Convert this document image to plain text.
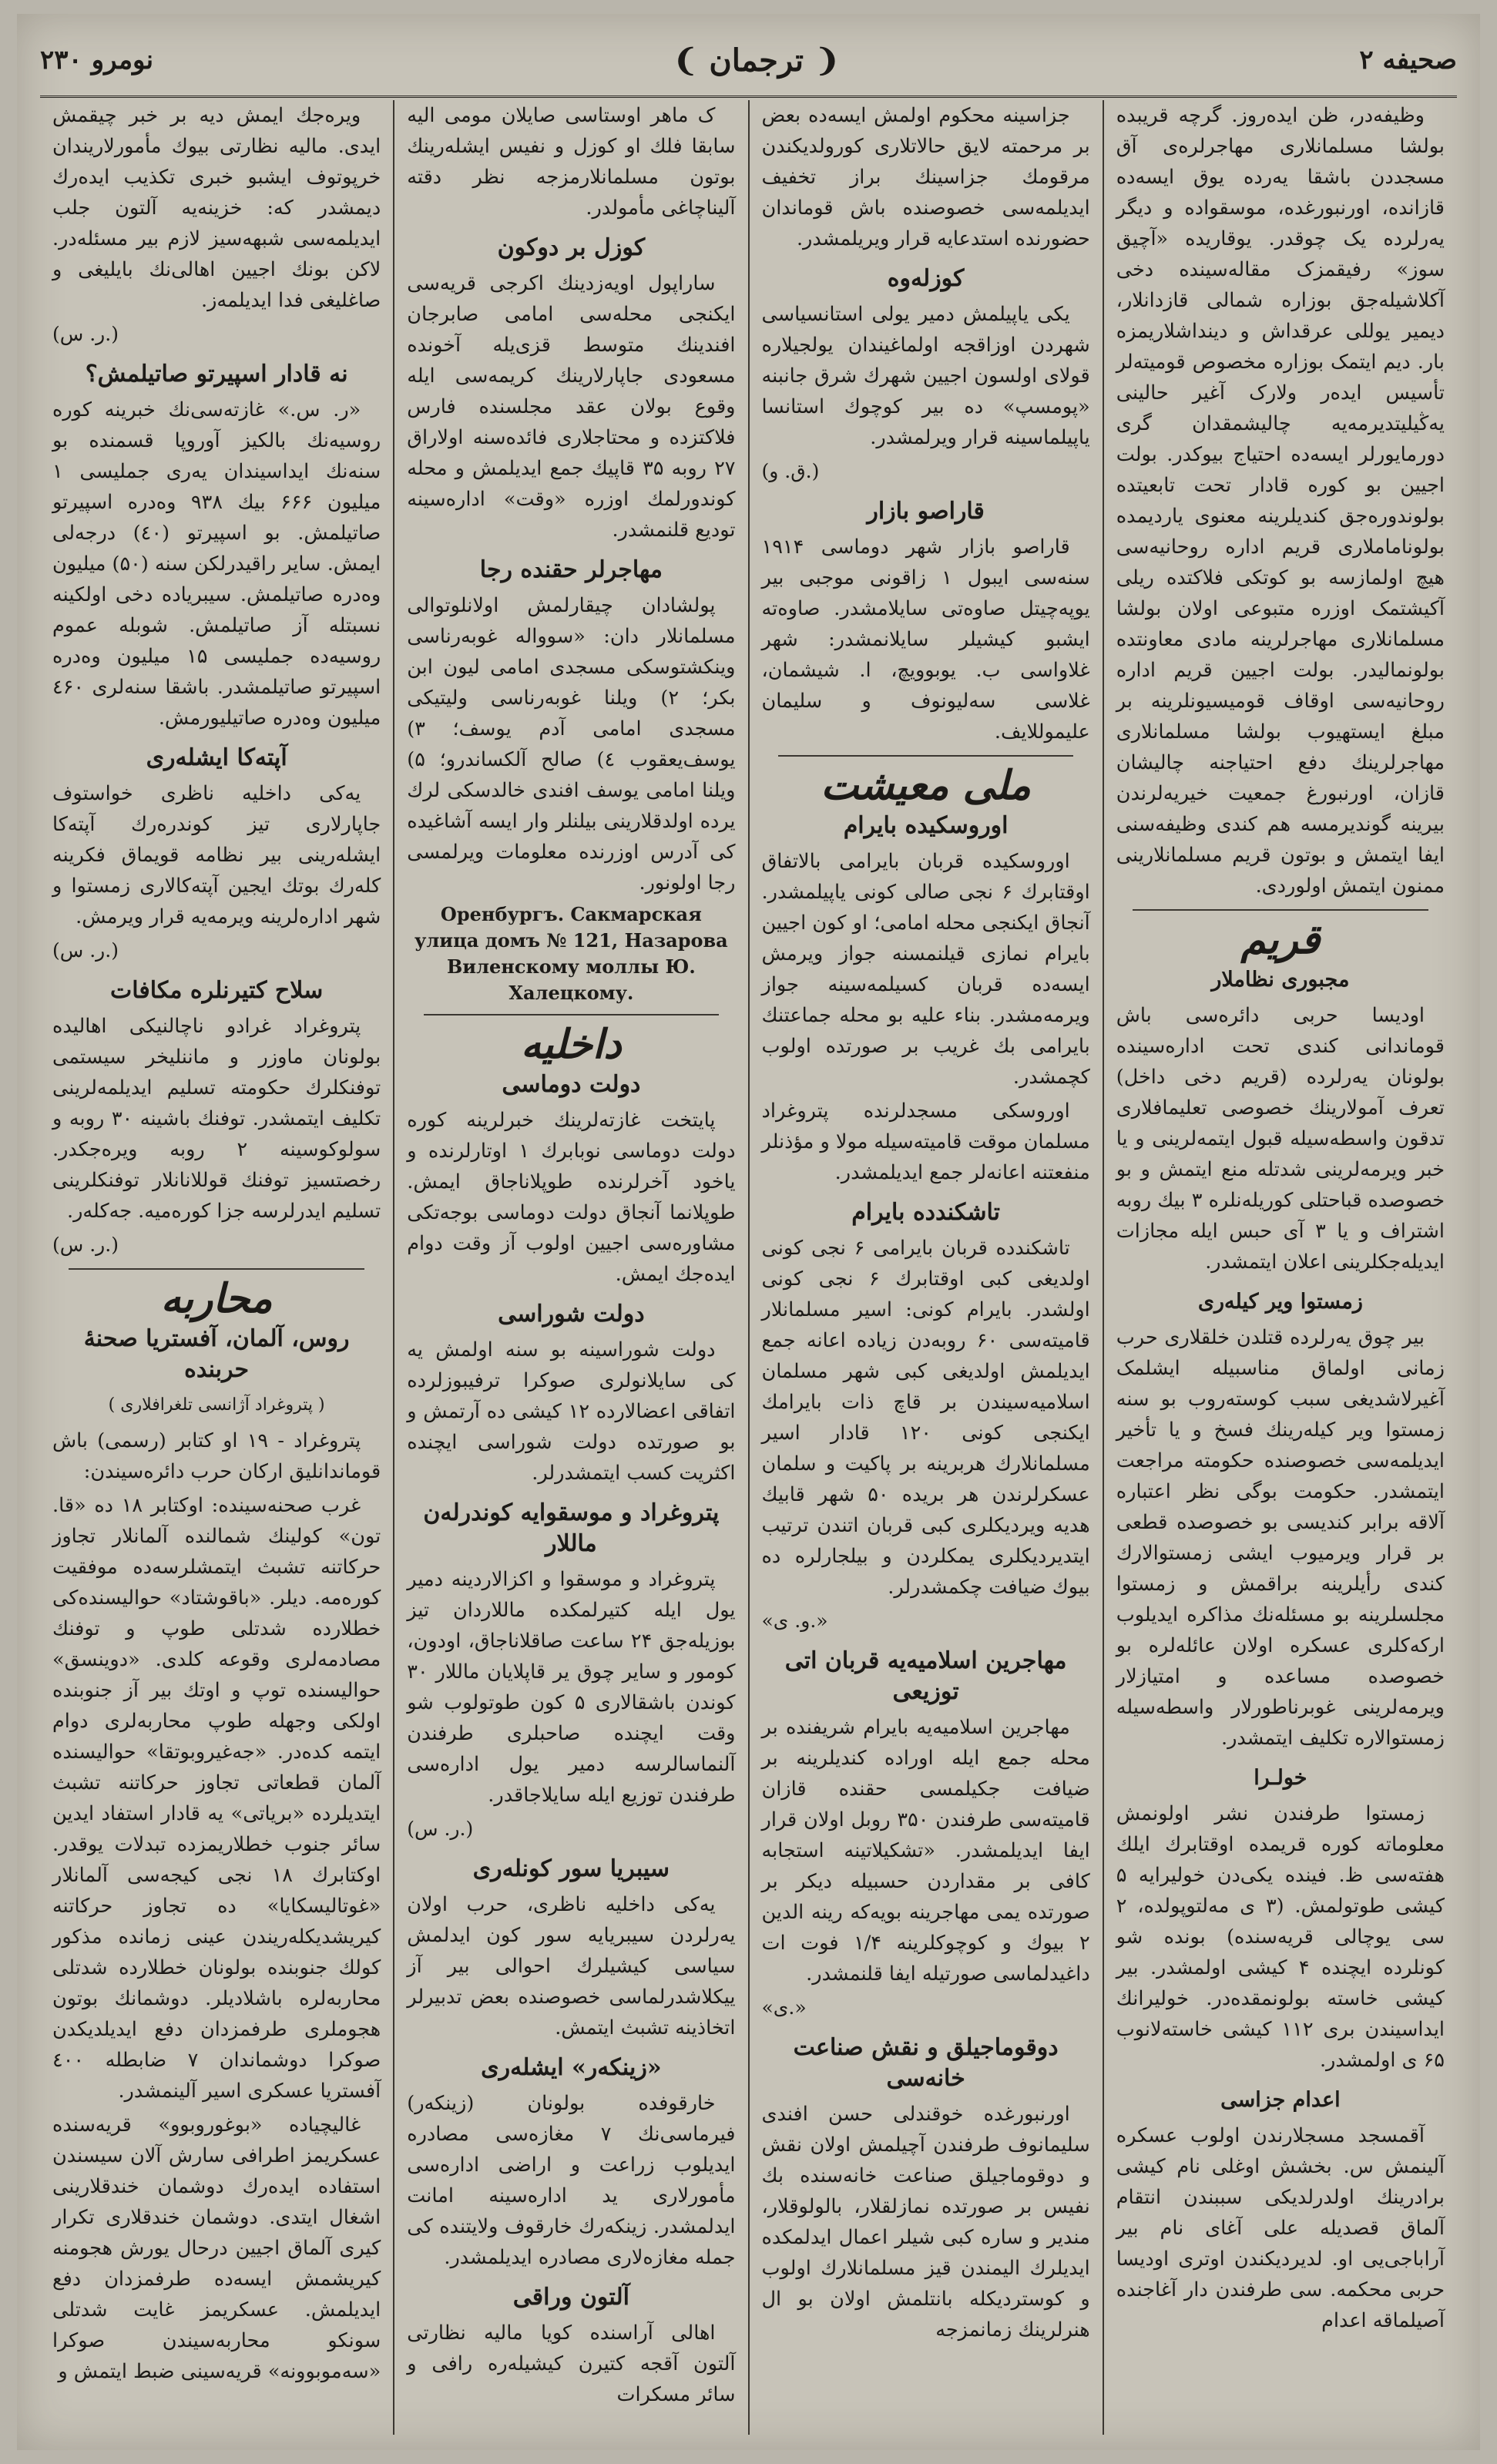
صحیفه ۲
❨ ترجمان ❩
نومرو ۲۳۰

وظیفه‌در، ظن ایده‌روز. گرچه قریبده بولشا مسلمانلاری مهاجرلره‌ی آق مسجددن باشقا یه‌رده یوق ایسه‌ده قازانده، اورنبورغده، موسقواده و دیگر یه‌رلرده یک چوقدر. یوقاریده «آچیق سوز» رفیقمزک مقاله‌سینده دخی آکلاشیله‌جق بوزاره شمالی قازدانلار، دیمیر یوللی عرقداش و دیندا‌شلاریمزه بار. دیم ایتمک بوزاره مخصوص قومیته‌لر تأسیس ایده‌ر ولارک آغیر حالینی یه‌ڭیلیتدیرمه‌یه چالیشمقدان گری دورمایورلر ایسه‌ده احتیاج بیوکدر. بولت اجیین بو کوره قادار تحت تابعیتده بولوندوره‌جق کندیلرینه معنوی یاردیمده بولوناماملاری قریم اداره روحانیه‌سی هیچ اولمازسه بو کوتکی فلاکتده ریلی آکیشتمک اوزره متبوعی اولان بولشا مسلمانلاری مهاجرلرینه مادی معاونتده بولونمالیدر. بولت اجیین قریم اداره روحانیه‌سی اوقاف قومیسیونلرینه بر مبلغ ایستهیوب بولشا مسلمانلاری مهاجرلرینك دفع احتیاجنه چالیشان قازان، اورنبورغ جمعیت خیریه‌لرندن بیرینه گوندیرمسه هم کندی وظیفه‌سنی ایفا ایتمش و بوتون قریم مسلمانلارینی ممنون ایتمش اولوردی.

قریم
مجبوری نظاملار

اودیسا حربی دائره‌سی باش قوماندانی کندی تحت اداره‌سینده بولونان یه‌رلرده (قریم دخی داخل) تعرف آمولارینك خصوصی تعلیمافلاری تدقون واسطه‌سیله قبول ایتمه‌لرینی و یا خبر ویرمه‌لرینی شدتله منع ایتمش و بو خصوصده قباحتلی کوریله‌نلره ۳ بیك روبه اشتراف و یا ۳ آی حبس ایله مجازات ایدیله‌جکلرینی اعلان ایتمشدر.

زمستوا ویر کیله‌ری

بیر چوق یه‌رلرده قتلدن خلقلاری حرب زمانی اولماق مناسبیله ایشلمک آغیرلاشدیغی سبب کوسته‌روب بو سنه زمستوا ویر کیله‌رینك فسخ و یا تأخیر ایدیلمه‌سی خصوصنده حکومته مراجعت ایتمشدر. حکومت بوگی نظر اعتباره آلاقه برابر کندیسی بو خصوصده قطعی بر قرار ویرمیوب ایشی زمستوا‌لارك کندی رأیلرینه براقمش و زمستوا مجلسلرینه بو مسئله‌نك مذاکره ایدیلوب ارکه‌کلری عسکره اولان عائله‌لره بو خصوصده مساعده و امتیازلار ویرمه‌لرینی غوبرنا‌طورلار واسطه‌سیله زمستوا‌لاره تکلیف ایتمشدر.

خولـرا

زمستوا طرفندن نشر اولونمش معلوماته کوره قریمده اوقتابرك ایلك هفته‌سی ظ. فینده یکی‌دن خولیرایه ۵ کیشی طوتولمش. (۳ ی مه‌لتوپولده، ۲ سی یوچالی قریه‌سنده) بونده شو کونلرده ایچنده ۴ کیشی اولمشدر. بیر کیشی خاسته بولونمقده‌در. خولیرانك ایداسیندن بری ۱۱۲ کیشی خاسته‌لانوب ۶۵ ی اولمشدر.

اعدام جزاسی

آقمسجد مسجلارندن اولوب عسکره آلینمش س. بخشش اوغلی نام کیشی برادرینك اولدرلدیکی سببندن انتقام آلماق قصدیله علی آغای نام بیر آراباجی‌یی او. لدیردیکندن اوتری اودیسا حربی محکمه. سی طرفندن دار آغاجنده آصیلماقه اعدام

جزاسینه محکوم اولمش ایسه‌ده بعض بر مرحمته لایق حالاتلاری کورولدیکندن مرقومك جزاسینك براز تخفیف ایدیلمه‌سی خصوصنده باش قوماندان حضورنده استدعایه قرار ویریلمشدر.

کوزله‌وه

یکی یاپیلمش دمیر یولی استانسیاسی شهردن اوزاقجه اولماغیندان یولجیلاره قولای اولسون اجیین شهرك شرق جانبنه «پومسپ» ده بیر کوچوك استانسا یاپیلماسینه قرار ویرلمشدر.

(ق. و.)
قاراصو بازار

قاراصو بازار شهر دوماسی ۱۹۱۴ سنه‌سی ایبول ۱ زاقونی موجبی بیر یوپه‌چیتل صاوه‌تی سایلامشدر. صاوه‌ته ایشبو کیشیلر سایلانمشدر: شهر غلاواسی ب. یوبوویچ، ا. شیشمان، غلاسی سه‌لیونوف و سلیمان علیموللایف.

ملی معیشت
اوروسکیده بایرام

اوروسکیده قربان بایرامی بالاتفاق اوقتابرك ۶ نجی صالی کونی یاپیلمشدر. آنجاق ایکنجی محله امامی؛ او کون اجیین بایرام نمازی قیلنمسنه جواز ویرمش ایسه‌ده قربان کسیلمه‌سینه جواز ویرمه‌مشدر. بناء علیه بو محله جماعتنك بایرامی بك غریب بر صورتده اولوب کچمشدر.

اوروسکی مسجدلرنده پتروغراد مسلمان موقت قامیته‌سیله مولا و مؤذنلر منفعتنه اعانه‌لر جمع ایدیلمشدر.

تاشکندده بایرام

تاشکندده قربان بایرامی ۶ نجی کونی اولدیغی کبی اوقتابرك ۶ نجی کونی اولشدر. بایرام کونی: اسیر مسلمانلار قامیته‌سی ۶۰ روبه‌دن زیاده اعانه جمع ایدیلمش اولدیغی کبی شهر مسلمان اسلامیه‌سیندن بر قاچ ذات بایرامك ایکنجی کونی ۱۲۰ قادار اسیر مسلمانلارك هربرینه بر پاکیت و سلمان عسکرلرندن هر بریده ۵۰ شهر قابیك هدیه ویردیکلری کبی قربان اتندن ترتیب ایتدیردیکلری یمکلردن و بیلجارلره ده بیوك ضیافت چکمشدرلر.

«و. ی.»
مهاجرین اسلامیه‌یه قربان اتی توزیعی

مهاجرین اسلامیه‌یه بایرام شریفنده بر محله جمع ایله اوراده کندیلرینه بر ضیافت جکیلمسی حقنده قازان قامیته‌سی طرفندن ۳۵۰ روبل اولان قرار ایفا ایدیلمشدر. «تشکیلاتینه استجابه کافی بر مقداردن حسبیله دیکر بر صورتده یمی مهاجرینه بویه‌که رینه الدین ۲ بیوك و کوچوکلرینه ۱/۴ فوت ات داغیدلماسی صورتیله ایفا قلنمشدر.

«ی.»
دوقوماجیلق و نقش صناعت خانه‌سی

اورنبورغده خوقندلی حسن افندی سلیمانوف طرفندن آچیلمش اولان نقش و دوقوماجیلق صناعت خانه‌سنده بك نفیس بر صورتده نمازلقلار، بالولوقلار، مندیر و ساره کبی شیلر اعمال ایدلمکده ایدیلرك الیمندن قیز مسلمانلارك اولوب و کوستردیکله بانتلمش اولان بو ال هنرلرینك زمانمزجه

ک ماهر اوستاسی صایلان مومی الیه سابقا فلك او کوزل و نفیس ایشله‌رینك بوتون مسلمانلارمزجه نظر دقته آلیناچاغی مأمولدر.

کوزل بر دوکون

ساراپول اویه‌زدینك اکرجی قریه‌سی ایکنجی محله‌سی امامی صابرجان افندینك متوسط قزی‌یله آخونده مسعودی جاپارلارینك کریمه‌سی ایله وقوع بولان عقد مجلسنده فارس فلاکتزده و محتاجلاری فائده‌سنه اولاراق ۲۷ روبه ۳۵ قاپیك جمع ایدیلمش و محله کوندورلمك اوزره «وقت» اداره‌سینه تودیع قلنمشدر.

مهاجرلر حقنده رجا

پولشادان چیقارلمش اولانلوتوالی مسلمانلار دان: «سوواله غوبه‌رناسی وینکشتوسکی مسجدی امامی لیون ابن بکر؛ ۲) ویلنا غوبه‌رناسی ولیتیکی مسجدی امامی آدم یوسف؛ ۳) یوسف‌یعقوب ٤) صالح آلکساندرو؛ ۵) ویلنا امامی یوسف افندی خالدسکی لرك یرده اولدقلارینی بیلنلر وار ایسه آشاغیده کی آدرس اوزرنده معلومات ویرلمسی رجا اولونور.

Оренбургъ. Сакмарская улица домъ № 121, Назарова Виленскому моллы Ю. Халецкому.
داخلیه
دولت دوماسی

پایتخت غازته‌لرینك خبرلرینه کوره دولت دوماسی نوبابرك ۱ اوتارلرنده و یاخود آخرلرنده طوپلاناجاق ایمش. طوپلانما آنجاق دولت دوماسی بوجه‌تکی مشاوره‌سی اجیین اولوب آز وقت دوام ایده‌جك ایمش.

دولت شوراسی

دولت شوراسینه بو سنه اولمش یه‌ کی سایلانولری صوکرا ترفیبوزلرده اتفاقی اعضالارده ۱۲ کیشی ده آرتمش و بو صورتده دولت شوراسی ایچنده اکثریت کسب ایتمشدرلر.

پتروغراد و موسقوایه کوندرله‌ن ماللار

پتروغراد و موسقوا و اکزالاردینه دمیر یول ایله کتیرلمکده ماللاردان تیز بوزیله‌جق ۲۴ ساعت صاقلاناجاق، اودون، کومور و سایر چوق یر قاپلایان ماللار ۳۰ کوندن باشقالاری ۵ کون طوتولوب شو وقت ایچنده صاحبلری طرفندن آلنماسالرسه دمیر یول اداره‌سی طرفندن توزیع ایله سایلاجاقدر.

(ر. س.)
سیبریا سور کونله‌ری

یه‌کی داخلیه ناظری، حرب اولان یه‌رلردن سیبریایه سور کون ایدلمش سیاسی کیشیلرك احوالی بیر آز ییکلاشدرلماسی خصوصنده بعض تدبیرلر اتخاذینه تشبث ایتمش.

«زینکه‌ر» ایشله‌ری

خارقوفده بولونان (زینکه‌ر) فیرماسی‌نك ۷ مغازه‌سی مصادره ایدیلوب زراعت و اراضی اداره‌سی مأمورلاری ید اداره‌سینه امانت ایدلمشدر. زینکه‌رك خارقوف ولایتنده‌ کی جمله مغازه‌لاری مصادره ایدیلمشدر.

آلتون وراقی

اهالی آراسنده کویا مالیه نظارتی آلتون آقجه کتیرن کیشیله‌ره رافی و سائر مسکرات

ویره‌جك ایمش دیه بر خبر چیقمش ایدی. مالیه نظارتی بیوك مأمورلاریندان خرپوتوف ایشبو خبری تکذیب ایده‌رك دیمشدر که: خزینه‌یه آلتون جلب ایدیلمه‌سی شبهه‌سیز لازم بیر مسئله‌در. لاکن بونك اجیین اهالی‌نك بایلیغی و صاغلیغی فدا ایدیلمه‌ز.

(ر. س.)
نه قادار اسپیرتو صاتیلمش؟

«ر. س.» غازته‌سی‌نك خبرینه کوره روسیه‌نك بالکیز آوروپا قسمنده بو سنه‌نك ایداسیندان یه‌ری جملیسی ۱ میلیون ۶۶۶ بیك ۹۳۸ وه‌دره اسپیرتو صاتیلمش. بو اسپیرتو (٤۰) درجه‌لی ایمش. سایر راقیدرلکن سنه (۵۰) میلیون وه‌دره صاتیلمش. سیبریاده دخی اولکینه نسبتله آز صاتیلمش. شوبله عموم روسیه‌ده جملیسی ۱۵ میلیون وه‌دره اسپیرتو صاتیلمشدر. باشقا سنه‌لری ٤۶۰ میلیون وه‌دره صاتیلیورمش.

آپته‌کا ایشله‌ری

یه‌کی داخلیه ناظری خواستوف جاپارلاری تیز کوندره‌رك آپته‌کا ایشله‌رینی بیر نظامه قویماق فکرینه کله‌رك بوتك ایجین آپته‌کالاری زمستوا و شهر اداره‌لرینه ویرمه‌یه قرار ویرمش.

(ر. س.)
سلاح کتیرنلره مکافات

پتروغراد غرادو ناچالنیکی اهالیده بولونان ماوزر و ماننلیخر سیستمی توفنکلرك حکومته تسلیم ایدیلمه‌لرینی تکلیف ایتمشدر. توفنك باشینه ۳۰ روبه و سولوکوسینه ۲ روبه ویره‌جکدر. رخصتسیز توفنك قوللانانلار توفنکلرینی تسلیم ایدرلرسه جزا کوره‌میه. جه‌کله‌ر.

(ر. س.)
محاربه
روس، آلمان، آفستریا صحنهٔ حربنده
( پتروغراد آژانسی تلغرافلاری )

پتروغراد - ۱۹ او کتابر (رسمی) باش قوماندانلیق ارکان حرب دائره‌سیندن:

غرب صحنه‌سینده: اوکتابر ۱۸ ده «قا. تون» کولینك شمالنده آلمانلار تجاوز حرکاتنه تشبث ایتمشلرسه‌ده موفقیت کوره‌مه. دیلر. «باقوشتاد» حوالیسنده‌کی خطلارده شدتلی طوپ و توفنك مصادمه‌لری وقوعه کلدی. «دوینسق» حوالیسنده توپ و اوتك بیر آز جنوبنده اولکی وجهله طوپ محاربه‌لری دوام ایتمه کده‌در. «جه‌غیروبوتقا» حوالیسنده آلمان قطعاتی تجاوز حرکاتنه تشبث ایتدیلرده «بریاتی» یه قادار استفاد ایدین سائر جنوب خطلاریمزده تبدلات یوقدر. اوکتابرك ۱۸ نجی کیجه‌سی آلمانلار «غوتالیسکایا» ده تجاوز حرکاتنه کیریشدیکله‌ریندن عینی زمانده مذکور کولك جنوبنده بولونان خطلارده شدتلی محاربه‌لره باشلادیلر. دوشمانك بوتون هجوملری طرفمزدان دفع ایدیلدیکدن صوکرا دوشماندان ۷ ضابطله ٤۰۰ آفستریا عسکری اسیر آلینمشدر.

غالیچیاده «بوغوروبوو» قریه‌سنده عسکریمز اطرافی سارش آلان سیسندن استفاده ایده‌رك دوشمان خندقلارینی اشغال ایتدی. دوشمان خندقلاری تکرار کیری آلماق اجیین درحال یورش هجومنه کیریشمش ایسه‌ده طرفمزدان دفع ایدیلمش. عسکریمز غایت شدتلی سونکو محاربه‌سیندن صوکرا «سه‌موبوونه» قریه‌سینی ضبط ایتمش و
